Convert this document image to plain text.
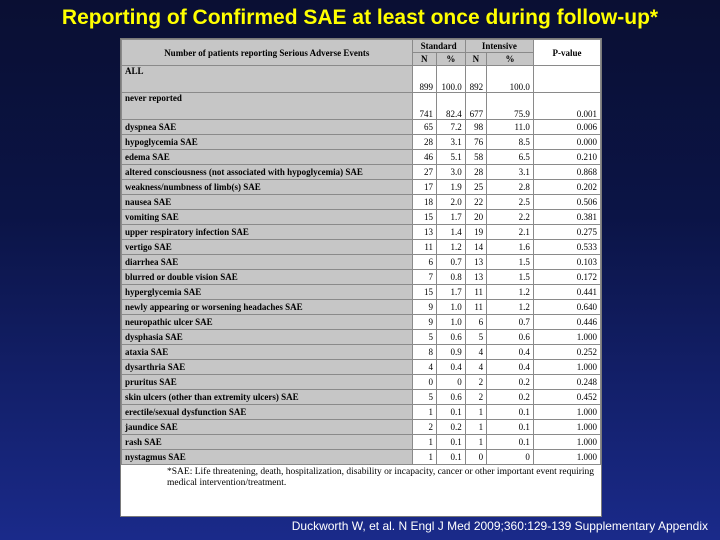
Reporting of Confirmed SAE at least once during follow-up*
Number of patients reporting Serious Adverse Events	Standard		Intensive		P-value
	N	%	N	%	
ALL	899	100.0	892	100.0	
never reported	741	82.4	677	75.9	0.001
dyspnea SAE	65	7.2	98	11.0	0.006
hypoglycemia SAE	28	3.1	76	8.5	0.000
edema SAE	46	5.1	58	6.5	0.210
altered consciousness (not associated with hypoglycemia) SAE	27	3.0	28	3.1	0.868
weakness/numbness of limb(s) SAE	17	1.9	25	2.8	0.202
nausea SAE	18	2.0	22	2.5	0.506
vomiting SAE	15	1.7	20	2.2	0.381
upper respiratory infection SAE	13	1.4	19	2.1	0.275
vertigo SAE	11	1.2	14	1.6	0.533
diarrhea SAE	6	0.7	13	1.5	0.103
blurred or double vision SAE	7	0.8	13	1.5	0.172
hyperglycemia SAE	15	1.7	11	1.2	0.441
newly appearing or worsening headaches SAE	9	1.0	11	1.2	0.640
neuropathic ulcer SAE	9	1.0	6	0.7	0.446
dysphasia SAE	5	0.6	5	0.6	1.000
ataxia SAE	8	0.9	4	0.4	0.252
dysarthria SAE	4	0.4	4	0.4	1.000
pruritus SAE	0	0	2	0.2	0.248
skin ulcers (other than extremity ulcers) SAE	5	0.6	2	0.2	0.452
erectile/sexual dysfunction SAE	1	0.1	1	0.1	1.000
jaundice SAE	2	0.2	1	0.1	1.000
rash SAE	1	0.1	1	0.1	1.000
nystagmus SAE	1	0.1	0	0	1.000
*SAE: Life threatening, death, hospitalization, disability or incapacity, cancer or other important event requiring medical intervention/treatment.
Duckworth W, et al. N Engl J Med 2009;360:129-139 Supplementary Appendix
